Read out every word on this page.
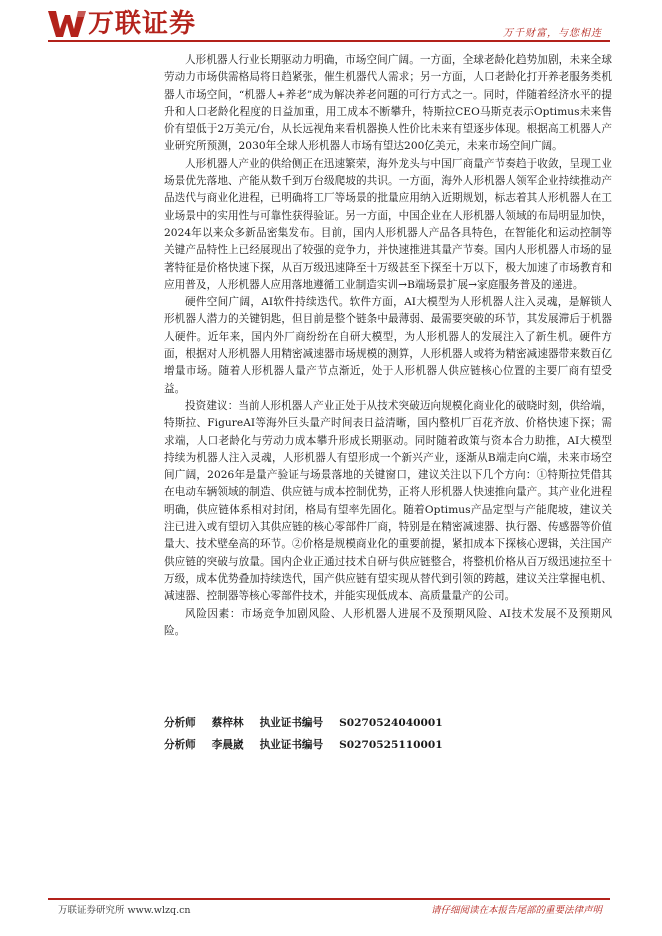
万联证券	万千财富，与您相连

人形机器人行业长期驱动力明确，市场空间广阔。一方面，全球老龄化趋势加剧，未来全球劳动力市场供需格局将日趋紧张，催生机器代人需求；另一方面，人口老龄化打开养老服务类机器人市场空间，“机器人+养老”成为解决养老问题的可行方式之一。同时，伴随着经济水平的提升和人口老龄化程度的日益加重，用工成本不断攀升，特斯拉CEO马斯克表示Optimus未来售价有望低于2万美元/台，从长远视角来看机器换人性价比未来有望逐步体现。根据高工机器人产业研究所预测，2030年全球人形机器人市场有望达200亿美元，未来市场空间广阔。

人形机器人产业的供给侧正在迅速繁荣，海外龙头与中国厂商量产节奏趋于收敛，呈现工业场景优先落地、产能从数千到万台级爬坡的共识。一方面，海外人形机器人领军企业持续推动产品迭代与商业化进程，已明确将工厂等场景的批量应用纳入近期规划，标志着其人形机器人在工业场景中的实用性与可靠性获得验证。另一方面，中国企业在人形机器人领域的布局明显加快，2024年以来众多新品密集发布。目前，国内人形机器人产品各具特色，在智能化和运动控制等关键产品特性上已经展现出了较强的竞争力，并快速推进其量产节奏。国内人形机器人市场的显著特征是价格快速下探，从百万级迅速降至十万级甚至下探至十万以下，极大加速了市场教育和应用普及，人形机器人应用落地遵循工业制造实训→B端场景扩展→家庭服务普及的递进。

硬件空间广阔，AI软件持续迭代。软件方面，AI大模型为人形机器人注入灵魂，是解锁人形机器人潜力的关键钥匙，但目前是整个链条中最薄弱、最需要突破的环节，其发展滞后于机器人硬件。近年来，国内外厂商纷纷在自研大模型，为人形机器人的发展注入了新生机。硬件方面，根据对人形机器人用精密减速器市场规模的测算，人形机器人或将为精密减速器带来数百亿增量市场。随着人形机器人量产节点渐近，处于人形机器人供应链核心位置的主要厂商有望受益。

投资建议：当前人形机器人产业正处于从技术突破迈向规模化商业化的破晓时刻，供给端，特斯拉、FigureAI等海外巨头量产时间表日益清晰，国内整机厂百花齐放、价格快速下探；需求端，人口老龄化与劳动力成本攀升形成长期驱动。同时随着政策与资本合力助推，AI大模型持续为机器人注入灵魂，人形机器人有望形成一个新兴产业，逐渐从B端走向C端，未来市场空间广阔，2026年是量产验证与场景落地的关键窗口，建议关注以下几个方向：①特斯拉凭借其在电动车辆领域的制造、供应链与成本控制优势，正将人形机器人快速推向量产。其产业化进程明确，供应链体系相对封闭，格局有望率先固化。随着Optimus产品定型与产能爬坡，建议关注已进入或有望切入其供应链的核心零部件厂商，特别是在精密减速器、执行器、传感器等价值量大、技术壁垒高的环节。②价格是规模商业化的重要前提，紧扣成本下探核心逻辑，关注国产供应链的突破与放量。国内企业正通过技术自研与供应链整合，将整机价格从百万级迅速拉至十万级，成本优势叠加持续迭代，国产供应链有望实现从替代到引领的跨越，建议关注掌握电机、减速器、控制器等核心零部件技术，并能实现低成本、高质量量产的公司。

风险因素：市场竞争加剧风险、人形机器人进展不及预期风险、AI技术发展不及预期风险。

分析师 蔡梓林 执业证书编号 S0270524040001
分析师 李晨崴 执业证书编号 S0270525110001
万联证券研究所 www.wlzq.cn	请仔细阅读在本报告尾部的重要法律声明
